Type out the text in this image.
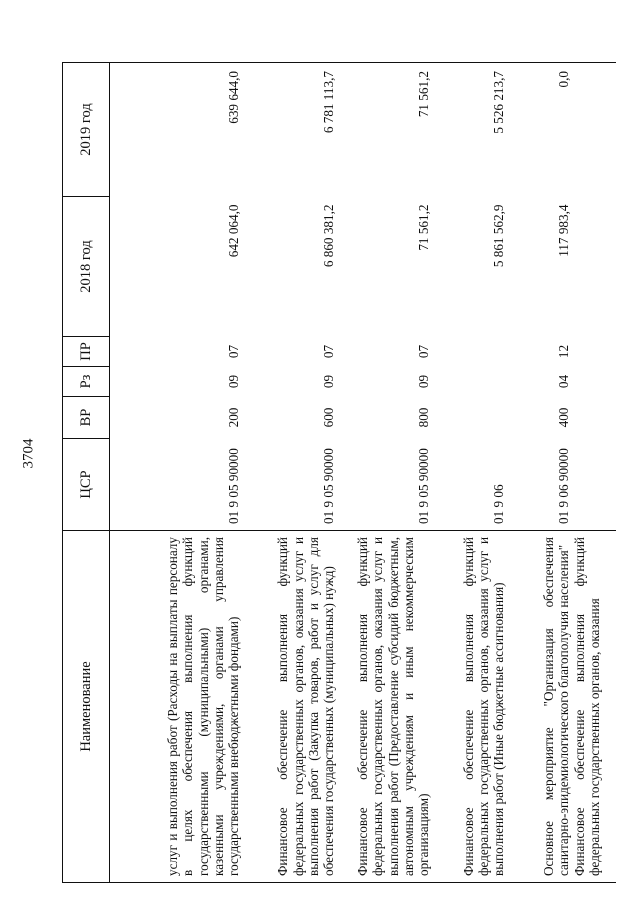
3704
Наименование	ЦСР	ВР	Рз	ПР	2018 год	2019 год
услуг и выполнения работ (Расходы на выплаты персоналу в целях обеспечения выполнения функций государственными (муниципальными) органами, казенными учреждениями, органами управления государственными внебюджетными фондами)	01 9 05 90000	200	09	07	642 064,0	639 644,0
Финансовое обеспечение выполнения функций федеральных государственных органов, оказания услуг и выполнения работ (Закупка товаров, работ и услуг для обеспечения государственных (муниципальных) нужд)	01 9 05 90000	600	09	07	6 860 381,2	6 781 113,7
Финансовое обеспечение выполнения функций федеральных государственных органов, оказания услуг и выполнения работ (Предоставление субсидий бюджетным, автономным учреждениям и иным некоммерческим организациям)	01 9 05 90000	800	09	07	71 561,2	71 561,2
Финансовое обеспечение выполнения функций федеральных государственных органов, оказания услуг и выполнения работ (Иные бюджетные ассигнования)	01 9 06				5 861 562,9	5 526 213,7
Основное мероприятие "Организация обеспечения санитарно-эпидемиологического благополучия населения"	01 9 06 90000	400	04	12	117 983,4	0,0
Финансовое обеспечение выполнения функций федеральных государственных органов, оказания						
